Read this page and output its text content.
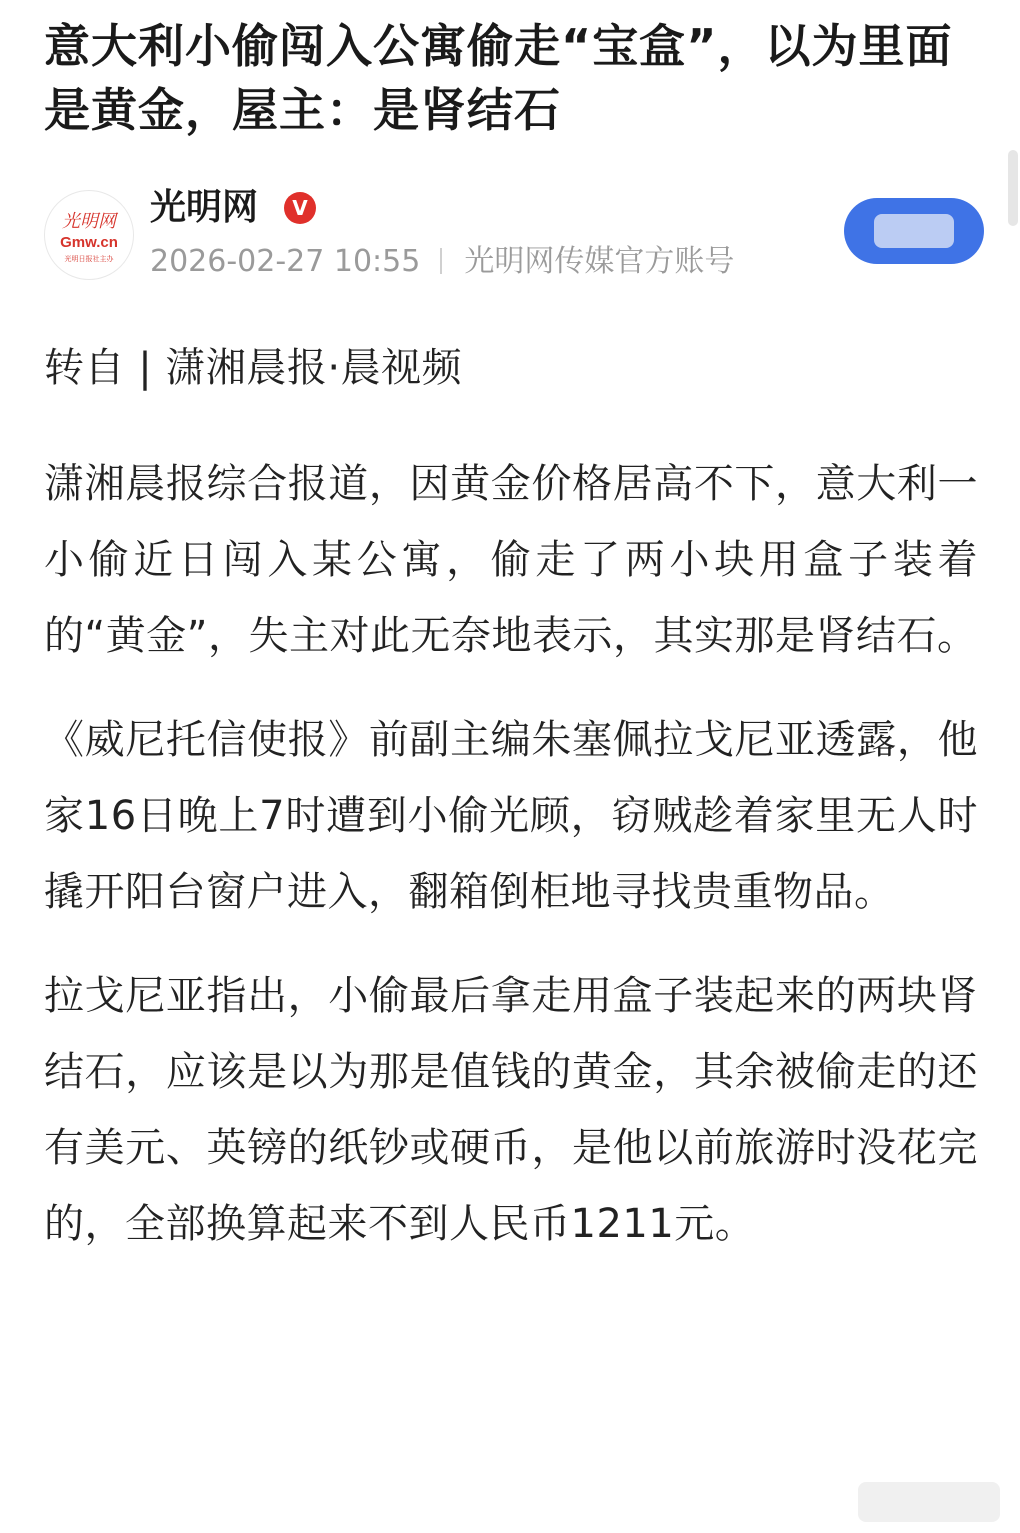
意大利小偷闯入公寓偷走“宝盒”，以为里面是黄金，屋主：是肾结石
光明网
Gmw.cn
光明日报社主办
光明网	V
2026-02-27 10:55 光明网传媒官方账号

转自 | 潇湘晨报·晨视频

潇湘晨报综合报道，因黄金价格居高不下，意大利一小偷近日闯入某公寓，偷走了两小块用盒子装着的“黄金”，失主对此无奈地表示，其实那是肾结石。

《威尼托信使报》前副主编朱塞佩拉戈尼亚透露，他家16日晚上7时遭到小偷光顾，窃贼趁着家里无人时撬开阳台窗户进入，翻箱倒柜地寻找贵重物品。

拉戈尼亚指出，小偷最后拿走用盒子装起来的两块肾结石，应该是以为那是值钱的黄金，其余被偷走的还有美元、英镑的纸钞或硬币，是他以前旅游时没花完的，全部换算起来不到人民币1211元。
